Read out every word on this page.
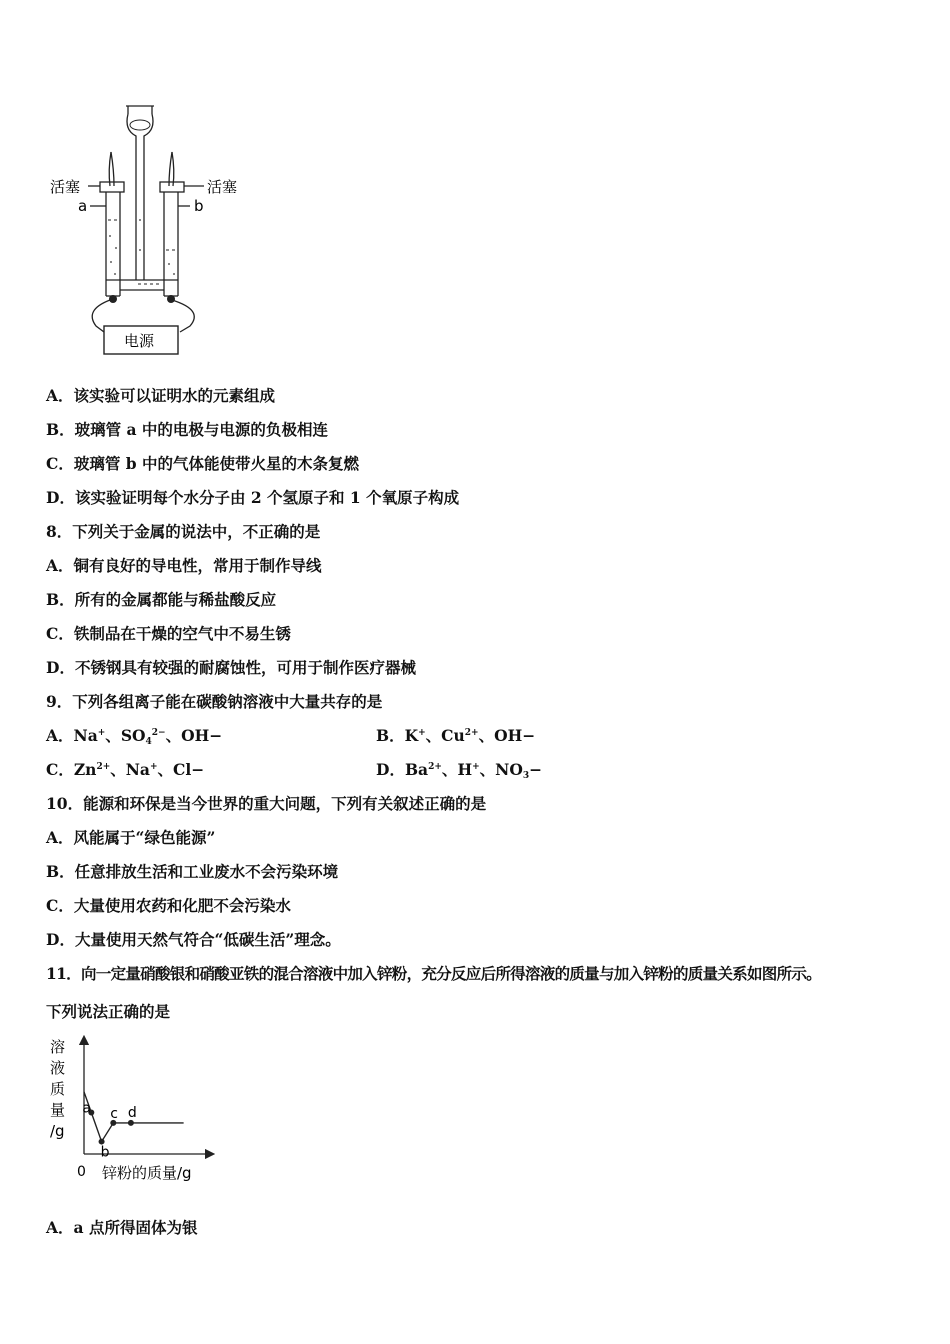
活塞	活塞
a	b
电源
A．该实验可以证明水的元素组成
B．玻璃管 a 中的电极与电源的负极相连
C．玻璃管 b 中的气体能使带火星的木条复燃
D．该实验证明每个水分子由 2 个氢原子和 1 个氧原子构成
8．下列关于金属的说法中，不正确的是
A．铜有良好的导电性，常用于制作导线
B．所有的金属都能与稀盐酸反应
C．铁制品在干燥的空气中不易生锈
D．不锈钢具有较强的耐腐蚀性，可用于制作医疗器械
9．下列各组离子能在碳酸钠溶液中大量共存的是
A．Na+、$SO_4^{2-}$、OH−	B．K+、$Cu^{2+}$、OH−
C．$Zn^{2+}$、Na+、Cl−	D．$Ba^{2+}$、H+、$NO_3-$
10．能源和环保是当今世界的重大问题，下列有关叙述正确的是
A．风能属于“绿色能源”
B．任意排放生活和工业废水不会污染环境
C．大量使用农药和化肥不会污染水
D．大量使用天然气符合“低碳生活”理念。
11．向一定量硝酸银和硝酸亚铁的混合溶液中加入锌粉，充分反应后所得溶液的质量与加入锌粉的质量关系如图所示。
下列说法正确的是
溶
液
质
量
/g
0 锌粉的质量/g
a
b
c d
A．a 点所得固体为银
